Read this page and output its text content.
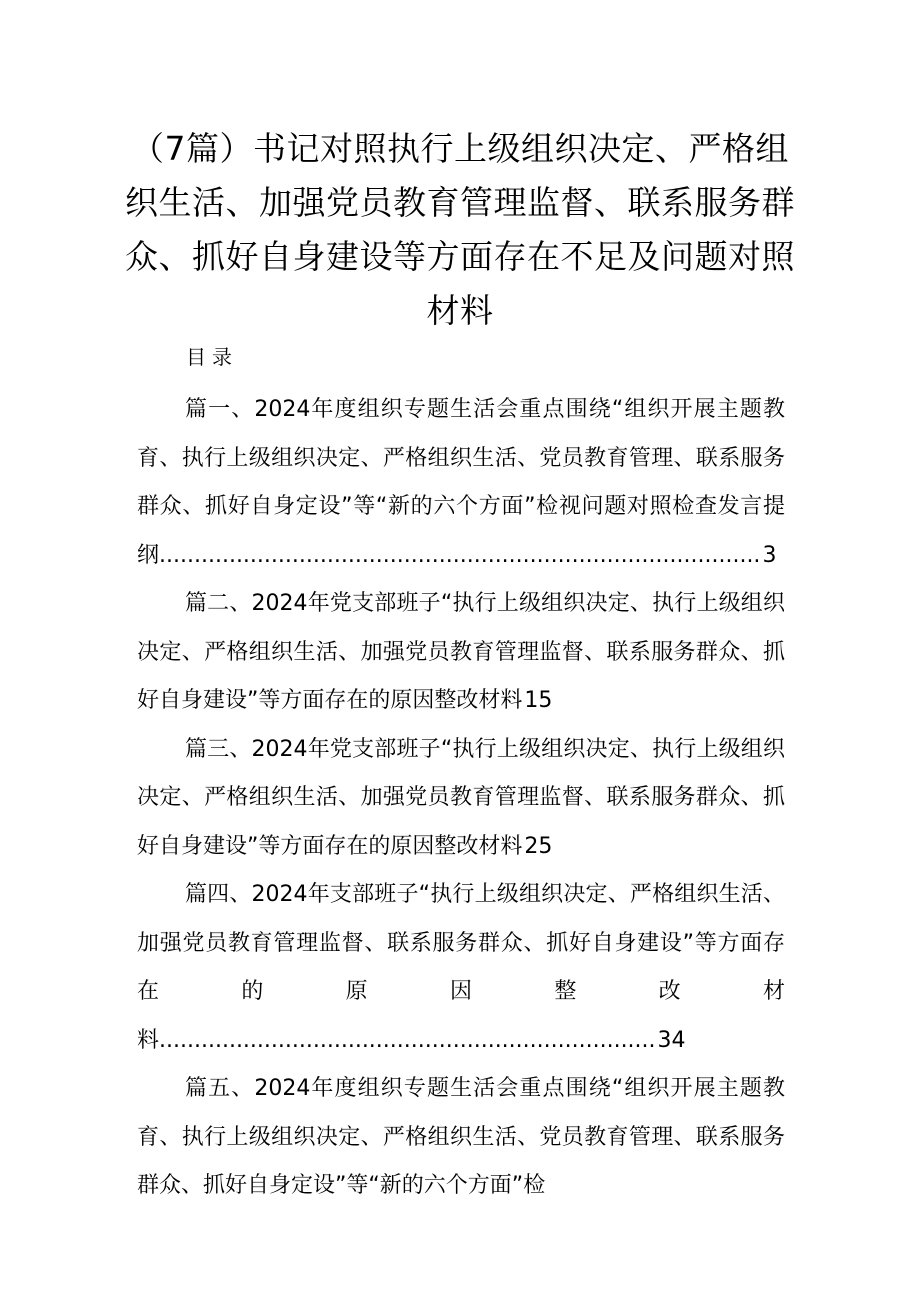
（7篇）书记对照执行上级组织决定、严格组织生活、加强党员教育管理监督、联系服务群众、抓好自身建设等方面存在不足及问题对照材料
目录

篇一、2024年度组织专题生活会重点围绕“组织开展主题教育、执行上级组织决定、严格组织生活、党员教育管理、联系服务群众、抓好自身定设”等“新的六个方面”检视问题对照检查发言提纲......................................................................................3

篇二、2024年党支部班子“执行上级组织决定、执行上级组织决定、严格组织生活、加强党员教育管理监督、联系服务群众、抓好自身建设”等方面存在的原因整改材料15

篇三、2024年党支部班子“执行上级组织决定、执行上级组织决定、严格组织生活、加强党员教育管理监督、联系服务群众、抓好自身建设”等方面存在的原因整改材料25

篇四、2024年支部班子“执行上级组织决定、严格组织生活、加强党员教育管理监督、联系服务群众、抓好自身建设”等方面存在的原因整改材料.......................................................................34

篇五、2024年度组织专题生活会重点围绕“组织开展主题教育、执行上级组织决定、严格组织生活、党员教育管理、联系服务群众、抓好自身定设”等“新的六个方面”检
